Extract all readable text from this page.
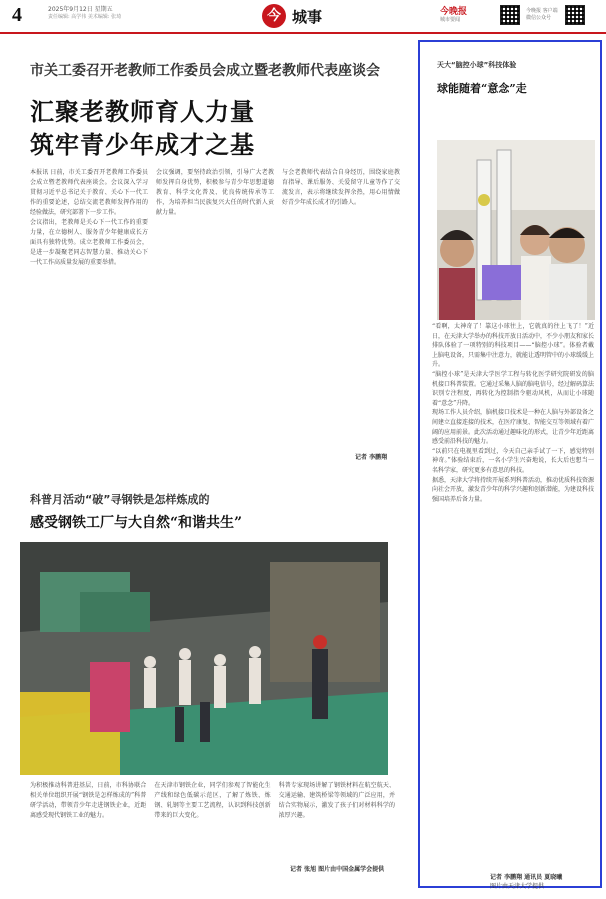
4	2025年9月12日 星期五
责任编辑: 高学伟 美术编辑: 张琦	今 城事	今晚报
城市要闻
今晚报 客户端 微信公众号
市关工委召开老教师工作委员会成立暨老教师代表座谈会
汇聚老教师育人力量
筑牢青少年成才之基

本报讯 日前，市关工委召开老教师工作委员会成立暨老教师代表座谈会。会议深入学习贯彻习近平总书记关于教育、关心下一代工作的重要论述，总结交流老教师发挥作用的经验做法，研究部署下一步工作。

会议指出，老教师是关心下一代工作的重要力量，在立德树人、服务青少年健康成长方面具有独特优势。成立老教师工作委员会，是进一步凝聚老同志智慧力量、推动关心下一代工作高质量发展的重要举措。

会议强调，要坚持政治引领，引导广大老教师发挥自身优势，积极参与青少年思想道德教育、科学文化普及、优良传统传承等工作，为培养担当民族复兴大任的时代新人贡献力量。

与会老教师代表结合自身经历，围绕家庭教育指导、课后服务、关爱留守儿童等作了交流发言，表示将继续发挥余热，用心用情做好青少年成长成才的引路人。

记者 李鹏翔
科普月活动“破”寻钢铁是怎样炼成的
感受钢铁工厂与大自然“和谐共生”

为积极推动科普进基层，日前，市科协联合相关单位组织开展“钢铁是怎样炼成的”科普研学活动，带领青少年走进钢铁企业，近距离感受现代钢铁工业的魅力。

在天津市钢铁企业，同学们参观了智能化生产线和绿色低碳示范区，了解了炼铁、炼钢、轧钢等主要工艺流程，认识到科技创新带来的巨大变化。

科普专家现场讲解了钢铁材料在航空航天、交通运输、建筑桥梁等领域的广泛应用，并结合实物展示，激发了孩子们对材料科学的浓厚兴趣。

记者 张旭 图片由中国金属学会提供
天大“脑控小球”科技体验
球能随着“意念”走

“看啊，太神奇了！靠这小球往上，它就真的往上飞了！”近日，在天津大学举办的科技开放日活动中，不少小朋友和家长排队体验了一项特别的科技项目——“脑控小球”。体验者戴上脑电设备，只需集中注意力，就能让透明管中的小球缓缓上升。

“脑控小球”是天津大学医学工程与转化医学研究院研发的脑机接口科普装置。它通过采集人脑的脑电信号，经过解码算法识别专注程度，再转化为控制指令驱动风机，从而让小球随着“意念”升降。

现场工作人员介绍，脑机接口技术是一种在人脑与外部设备之间建立直接连接的技术，在医疗康复、智能交互等领域有着广阔的应用前景。此次活动通过趣味化的形式，让青少年近距离感受前沿科技的魅力。

“以前只在电视里看到过，今天自己亲手试了一下，感觉特别神奇。”体验结束后，一名小学生兴奋地说，长大后也想当一名科学家，研究更多有意思的科技。

据悉，天津大学将持续开展系列科普活动，推动优质科技资源向社会开放，激发青少年的科学兴趣和创新潜能，为建设科技强国培养后备力量。

记者 李鹏翔 通讯员 夏晓曦
图片由天津大学提供
